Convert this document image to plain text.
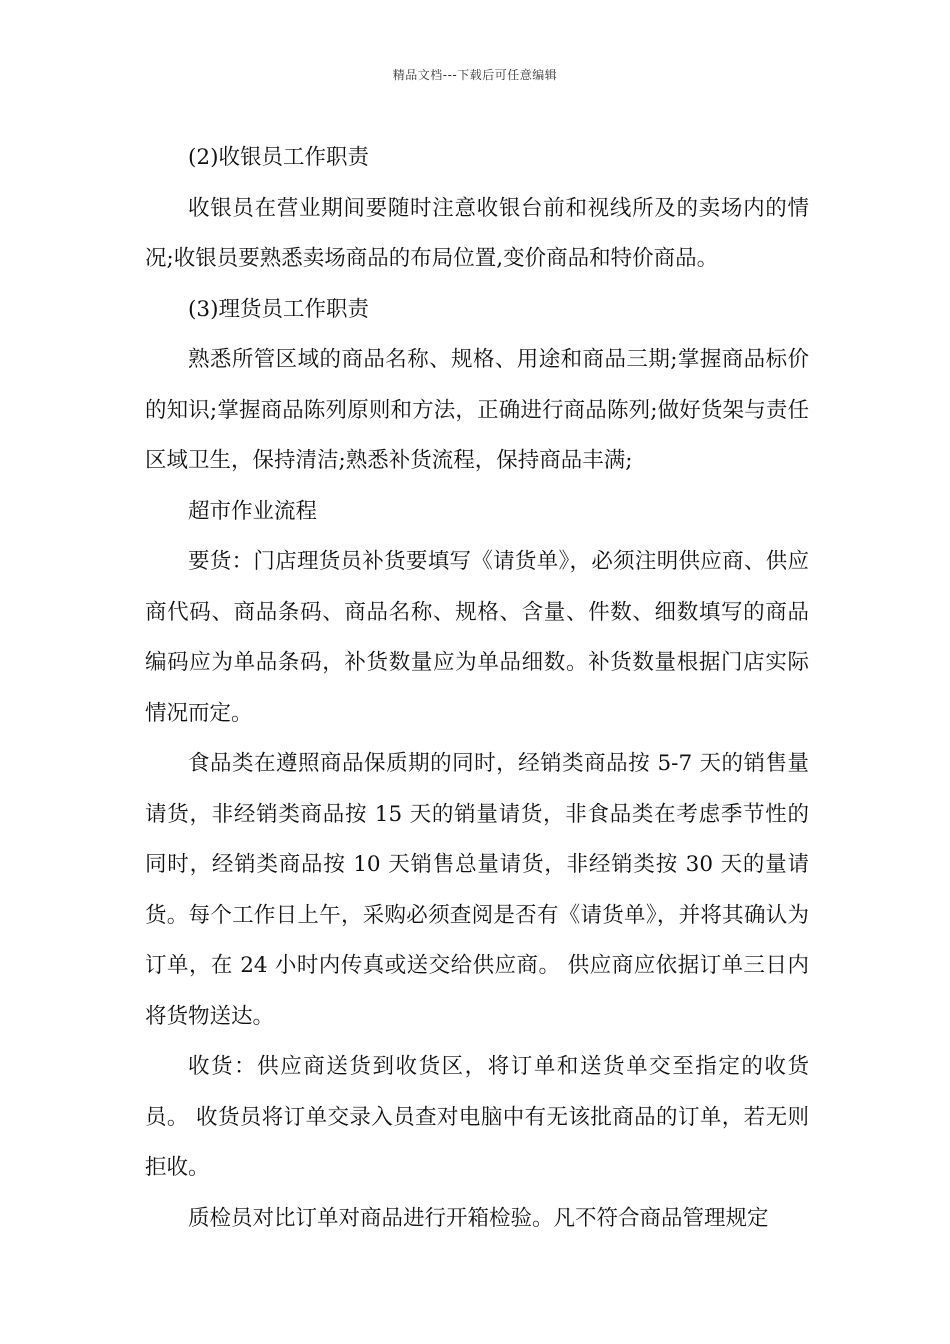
精品文档---下载后可任意编辑

(2)收银员工作职责

收银员在营业期间要随时注意收银台前和视线所及的卖场内的情况;收银员要熟悉卖场商品的布局位置,变价商品和特价商品。

(3)理货员工作职责

熟悉所管区域的商品名称、规格、用途和商品三期;掌握商品标价的知识;掌握商品陈列原则和方法，正确进行商品陈列;做好货架与责任区域卫生，保持清洁;熟悉补货流程，保持商品丰满;

超市作业流程

要货：门店理货员补货要填写《请货单》，必须注明供应商、供应商代码、商品条码、商品名称、规格、含量、件数、细数填写的商品编码应为单品条码，补货数量应为单品细数。补货数量根据门店实际情况而定。

食品类在遵照商品保质期的同时，经销类商品按 5-7 天的销售量请货，非经销类商品按 15 天的销量请货，非食品类在考虑季节性的同时，经销类商品按 10 天销售总量请货，非经销类按 30 天的量请货。每个工作日上午，采购必须查阅是否有《请货单》，并将其确认为订单，在 24 小时内传真或送交给供应商。 供应商应依据订单三日内将货物送达。

收货：供应商送货到收货区，将订单和送货单交至指定的收货员。 收货员将订单交录入员查对电脑中有无该批商品的订单，若无则拒收。

质检员对比订单对商品进行开箱检验。凡不符合商品管理规定
